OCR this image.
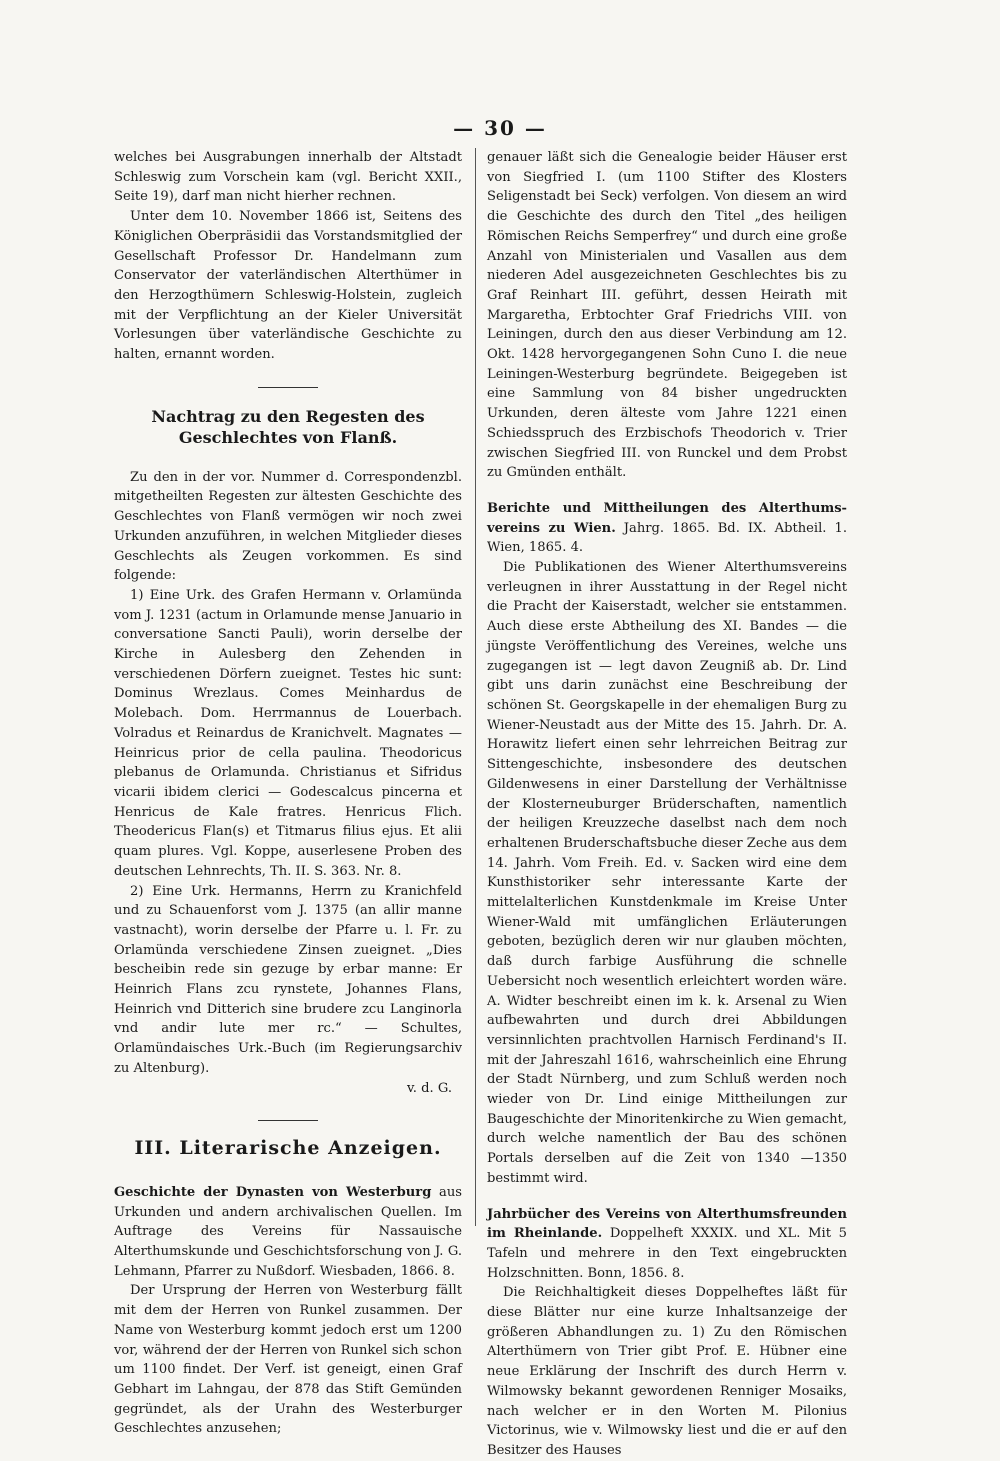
— 30 —

welches bei Ausgrabungen innerhalb der Altstadt Schleswig zum Vorschein kam (vgl. Bericht XXII., Seite 19), darf man nicht hierher rechnen.

Unter dem 10. November 1866 ist, Seitens des Königlichen Oberpräsidii das Vorstandsmitglied der Gesellschaft Professor Dr. Handelmann zum Conservator der vaterländischen Alterthümer in den Herzogthümern Schleswig-Holstein, zugleich mit der Verpflichtung an der Kieler Universität Vorlesungen über vaterländische Geschichte zu halten, ernannt worden.

Nachtrag zu den Regesten des Geschlechtes von Flanß.

Zu den in der vor. Nummer d. Correspondenzbl. mitgetheilten Regesten zur ältesten Geschichte des Geschlechtes von Flanß vermögen wir noch zwei Urkunden anzuführen, in welchen Mitglieder dieses Geschlechts als Zeugen vorkommen. Es sind folgende:

1) Eine Urk. des Grafen Hermann v. Orlamünda vom J. 1231 (actum in Orlamunde mense Januario in conversatione Sancti Pauli), worin derselbe der Kirche in Aulesberg den Zehenden in verschiedenen Dörfern zueignet. Testes hic sunt: Dominus Wrezlaus. Comes Meinhardus de Molebach. Dom. Herrmannus de Louerbach. Volradus et Reinardus de Kranichvelt. Magnates — Heinricus prior de cella paulina. Theodoricus plebanus de Orlamunda. Christianus et Sifridus vicarii ibidem clerici — Godescalcus pincerna et Henricus de Kale fratres. Henricus Flich. Theodericus Flan(s) et Titmarus filius ejus. Et alii quam plures. Vgl. Koppe, auserlesene Proben des deutschen Lehnrechts, Th. II. S. 363. Nr. 8.

2) Eine Urk. Hermanns, Herrn zu Kranichfeld und zu Schauenforst vom J. 1375 (an allir manne vastnacht), worin derselbe der Pfarre u. l. Fr. zu Orlamünda verschiedene Zinsen zueignet. „Dies bescheibin rede sin gezuge by erbar manne: Er Heinrich Flans zcu rynstete, Johannes Flans, Heinrich vnd Ditterich sine brudere zcu Langinorla vnd andir lute mer rc.“ — Schultes, Orlamündaisches Urk.-Buch (im Regierungsarchiv zu Altenburg).

v. d. G.

III. Literarische Anzeigen.

Geschichte der Dynasten von Westerburg aus Urkunden und andern archivalischen Quellen. Im Auftrage des Vereins für Nassauische Alterthumskunde und Geschichtsforschung von J. G. Lehmann, Pfarrer zu Nußdorf. Wiesbaden, 1866. 8.

Der Ursprung der Herren von Westerburg fällt mit dem der Herren von Runkel zusammen. Der Name von Westerburg kommt jedoch erst um 1200 vor, während der der Herren von Runkel sich schon um 1100 findet. Der Verf. ist geneigt, einen Graf Gebhart im Lahngau, der 878 das Stift Gemünden gegründet, als der Urahn des Westerburger Geschlechtes anzusehen;

genauer läßt sich die Genealogie beider Häuser erst von Siegfried I. (um 1100 Stifter des Klosters Seligenstadt bei Seck) verfolgen. Von diesem an wird die Geschichte des durch den Titel „des heiligen Römischen Reichs Semperfrey“ und durch eine große Anzahl von Ministerialen und Vasallen aus dem niederen Adel ausgezeichneten Geschlechtes bis zu Graf Reinhart III. geführt, dessen Heirath mit Margaretha, Erbtochter Graf Friedrichs VIII. von Leiningen, durch den aus dieser Verbindung am 12. Okt. 1428 hervorgegangenen Sohn Cuno I. die neue Leiningen-Westerburg begründete. Beigegeben ist eine Sammlung von 84 bisher ungedruckten Urkunden, deren älteste vom Jahre 1221 einen Schiedsspruch des Erzbischofs Theodorich v. Trier zwischen Siegfried III. von Runckel und dem Probst zu Gmünden enthält.

Berichte und Mittheilungen des Alterthums-vereins zu Wien. Jahrg. 1865. Bd. IX. Abtheil. 1. Wien, 1865. 4.

Die Publikationen des Wiener Alterthumsvereins verleugnen in ihrer Ausstattung in der Regel nicht die Pracht der Kaiserstadt, welcher sie entstammen. Auch diese erste Abtheilung des XI. Bandes — die jüngste Veröffentlichung des Vereines, welche uns zugegangen ist — legt davon Zeugniß ab. Dr. Lind gibt uns darin zunächst eine Beschreibung der schönen St. Georgskapelle in der ehemaligen Burg zu Wiener-Neustadt aus der Mitte des 15. Jahrh. Dr. A. Horawitz liefert einen sehr lehrreichen Beitrag zur Sittengeschichte, insbesondere des deutschen Gildenwesens in einer Darstellung der Verhältnisse der Klosterneuburger Brüderschaften, namentlich der heiligen Kreuzzeche daselbst nach dem noch erhaltenen Bruderschaftsbuche dieser Zeche aus dem 14. Jahrh. Vom Freih. Ed. v. Sacken wird eine dem Kunsthistoriker sehr interessante Karte der mittelalterlichen Kunstdenkmale im Kreise Unter Wiener-Wald mit umfänglichen Erläuterungen geboten, bezüglich deren wir nur glauben möchten, daß durch farbige Ausführung die schnelle Uebersicht noch wesentlich erleichtert worden wäre. A. Widter beschreibt einen im k. k. Arsenal zu Wien aufbewahrten und durch drei Abbildungen versinnlichten prachtvollen Harnisch Ferdinand's II. mit der Jahreszahl 1616, wahrscheinlich eine Ehrung der Stadt Nürnberg, und zum Schluß werden noch wieder von Dr. Lind einige Mittheilungen zur Baugeschichte der Minoritenkirche zu Wien gemacht, durch welche namentlich der Bau des schönen Portals derselben auf die Zeit von 1340 —1350 bestimmt wird.

Jahrbücher des Vereins von Alterthumsfreunden im Rheinlande. Doppelheft XXXIX. und XL. Mit 5 Tafeln und mehrere in den Text eingebruckten Holzschnitten. Bonn, 1856. 8.

Die Reichhaltigkeit dieses Doppelheftes läßt für diese Blätter nur eine kurze Inhaltsanzeige der größeren Abhandlungen zu. 1) Zu den Römischen Alterthümern von Trier gibt Prof. E. Hübner eine neue Erklärung der Inschrift des durch Herrn v. Wilmowsky bekannt gewordenen Renniger Mosaiks, nach welcher er in den Worten M. Pilonius Victorinus, wie v. Wilmowsky liest und die er auf den Besitzer des Hauses
